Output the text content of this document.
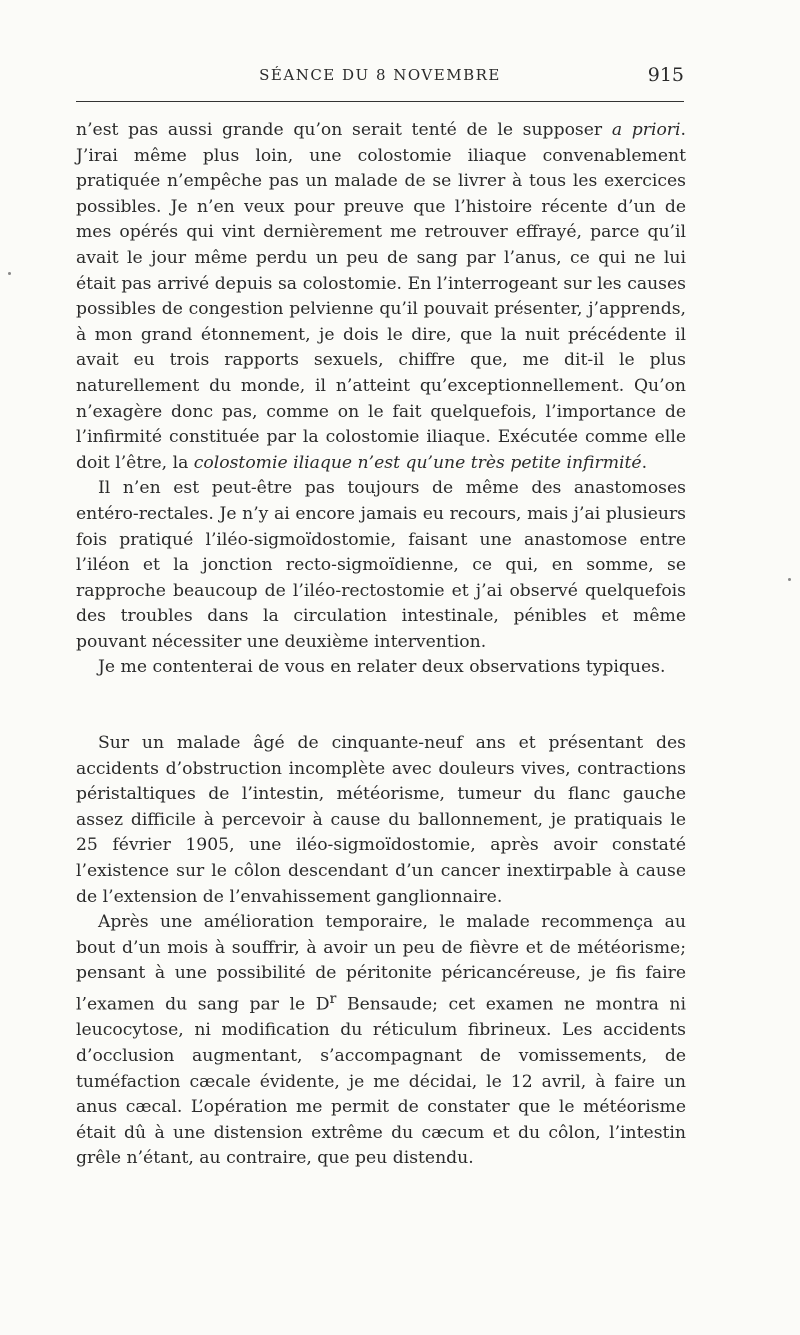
SÉANCE DU 8 NOVEMBRE	915

n’est pas aussi grande qu’on serait tenté de le supposer a priori. J’irai même plus loin, une colostomie iliaque convenablement pratiquée n’empêche pas un malade de se livrer à tous les exercices possibles. Je n’en veux pour preuve que l’histoire récente d’un de mes opérés qui vint dernièrement me retrouver effrayé, parce qu’il avait le jour même perdu un peu de sang par l’anus, ce qui ne lui était pas arrivé depuis sa colostomie. En l’interrogeant sur les causes possibles de congestion pelvienne qu’il pouvait présenter, j’apprends, à mon grand étonnement, je dois le dire, que la nuit précédente il avait eu trois rapports sexuels, chiffre que, me dit-il le plus naturellement du monde, il n’atteint qu’exceptionnellement. Qu’on n’exagère donc pas, comme on le fait quelquefois, l’importance de l’infirmité constituée par la colostomie iliaque. Exécutée comme elle doit l’être, la colostomie iliaque n’est qu’une très petite infirmité.

Il n’en est peut-être pas toujours de même des anastomoses entéro-rectales. Je n’y ai encore jamais eu recours, mais j’ai plusieurs fois pratiqué l’iléo-sigmoïdostomie, faisant une anastomose entre l’iléon et la jonction recto-sigmoïdienne, ce qui, en somme, se rapproche beaucoup de l’iléo-rectostomie et j’ai observé quelquefois des troubles dans la circulation intestinale, pénibles et même pouvant nécessiter une deuxième intervention.

Je me contenterai de vous en relater deux observations typiques.

Sur un malade âgé de cinquante-neuf ans et présentant des accidents d’obstruction incomplète avec douleurs vives, contractions péristaltiques de l’intestin, météorisme, tumeur du flanc gauche assez difficile à percevoir à cause du ballonnement, je pratiquais le 25 février 1905, une iléo-sigmoïdostomie, après avoir constaté l’existence sur le côlon descendant d’un cancer inextirpable à cause de l’extension de l’envahissement ganglionnaire.

Après une amélioration temporaire, le malade recommença au bout d’un mois à souffrir, à avoir un peu de fièvre et de météorisme; pensant à une possibilité de péritonite péricancéreuse, je fis faire l’examen du sang par le $D^r$ Bensaude; cet examen ne montra ni leucocytose, ni modification du réticulum fibrineux. Les accidents d’occlusion augmentant, s’accompagnant de vomissements, de tuméfaction cæcale évidente, je me décidai, le 12 avril, à faire un anus cæcal. L’opération me permit de constater que le météorisme était dû à une distension extrême du cæcum et du côlon, l’intestin grêle n’étant, au contraire, que peu distendu.
